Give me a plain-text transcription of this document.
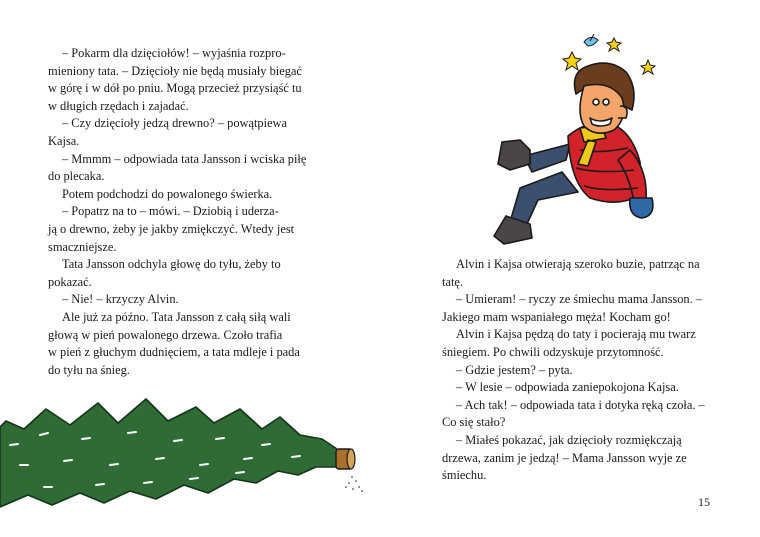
– Pokarm dla dzięciołów! – wyjaśnia rozpro-
mieniony tata. – Dzięcioły nie będą musiały biegać
w górę i w dół po pniu. Mogą przecież przysiąść tu
w długich rzędach i zajadać.
– Czy dzięcioły jedzą drewno? – powątpiewa
Kajsa.
– Mmmm – odpowiada tata Jansson i wciska piłę
do plecaka.
Potem podchodzi do powalonego świerka.
– Popatrz na to – mówi. – Dziobią i uderza-
ją o drewno, żeby je jakby zmiękczyć. Wtedy jest
smaczniejsze.
Tata Jansson odchyla głowę do tyłu, żeby to
pokazać.
– Nie! – krzyczy Alvin.
Ale już za późno. Tata Jansson z całą siłą wali
głową w pień powalonego drzewa. Czoło trafia
w pień z głuchym dudnięciem, a tata mdleje i pada
do tyłu na śnieg.
Alvin i Kajsa otwierają szeroko buzie, patrząc na
tatę.
– Umieram! – ryczy ze śmiechu mama Jansson. –
Jakiego mam wspaniałego męża! Kocham go!
Alvin i Kajsa pędzą do taty i pocierają mu twarz
śniegiem. Po chwili odzyskuje przytomność.
– Gdzie jestem? – pyta.
– W lesie – odpowiada zaniepokojona Kajsa.
– Ach tak! – odpowiada tata i dotyka ręką czoła. –
Co się stało?
– Miałeś pokazać, jak dzięcioły rozmiękczają
drzewa, zanim je jedzą! – Mama Jansson wyje ze
śmiechu.
15
